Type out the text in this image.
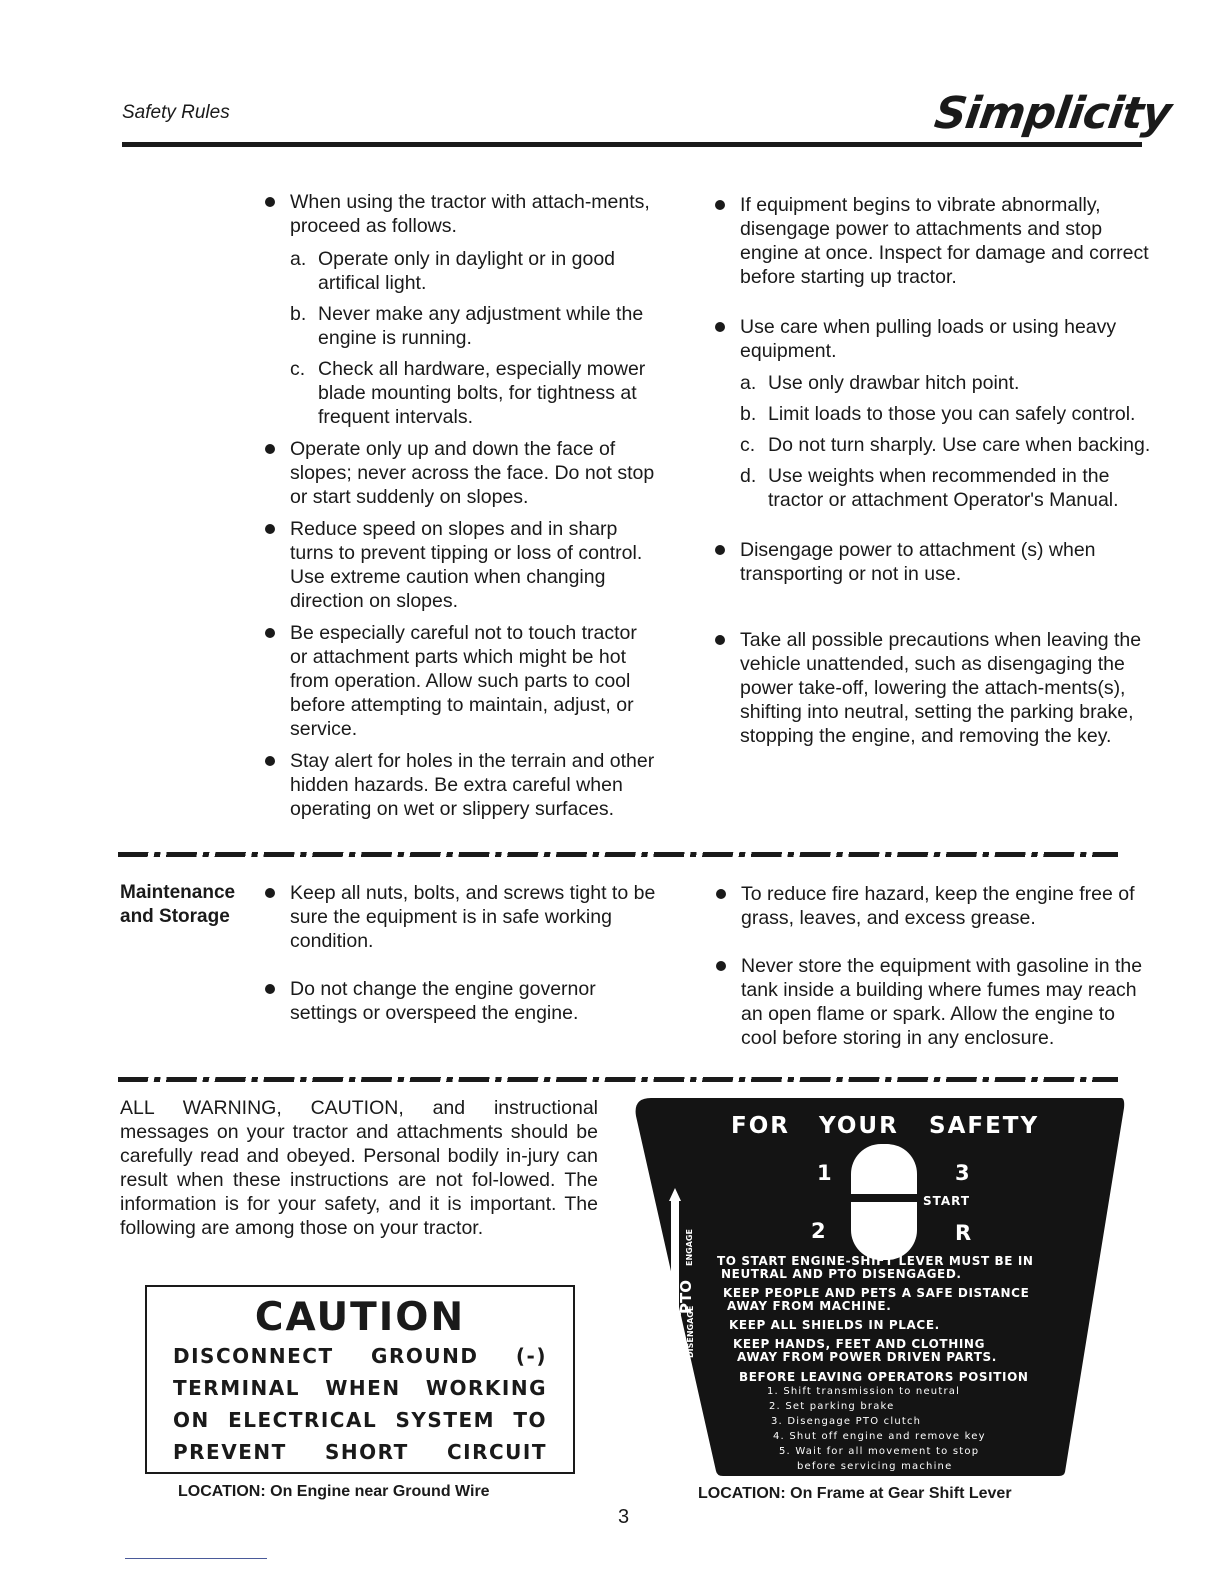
Safety Rules	Simplicity
When using the tractor with attach-ments, proceed as follows.
a. Operate only in daylight or in good artifical light.
b. Never make any adjustment while the engine is running.
c. Check all hardware, especially mower blade mounting bolts, for tightness at frequent intervals.
Operate only up and down the face of slopes; never across the face. Do not stop or start suddenly on slopes.
Reduce speed on slopes and in sharp turns to prevent tipping or loss of control. Use extreme caution when changing direction on slopes.
Be especially careful not to touch tractor or attachment parts which might be hot from operation. Allow such parts to cool before attempting to maintain, adjust, or service.
Stay alert for holes in the terrain and other hidden hazards. Be extra careful when operating on wet or slippery surfaces.
If equipment begins to vibrate abnormally, disengage power to attachments and stop engine at once. Inspect for damage and correct before starting up tractor.
Use care when pulling loads or using heavy equipment.
a. Use only drawbar hitch point.
b. Limit loads to those you can safely control.
c. Do not turn sharply. Use care when backing.
d. Use weights when recommended in the tractor or attachment Operator's Manual.
Disengage power to attachment (s) when transporting or not in use.
Take all possible precautions when leaving the vehicle unattended, such as disengaging the power take-off, lowering the attach-ments(s), shifting into neutral, setting the parking brake, stopping the engine, and removing the key.
Maintenance
and Storage
Keep all nuts, bolts, and screws tight to be sure the equipment is in safe working condition.
Do not change the engine governor settings or overspeed the engine.
To reduce fire hazard, keep the engine free of grass, leaves, and excess grease.
Never store the equipment with gasoline in the tank inside a building where fumes may reach an open flame or spark. Allow the engine to cool before storing in any enclosure.
ALL WARNING, CAUTION, and instructional messages on your tractor and attachments should be carefully read and obeyed. Personal bodily in-jury can result when these instructions are not fol-lowed. The information is for your safety, and it is important. The following are among those on your tractor.
CAUTION
DISCONNECT GROUND (-)
TERMINAL WHEN WORKING
ON ELECTRICAL SYSTEM TO
PREVENT SHORT CIRCUIT
LOCATION: On Engine near Ground Wire
FOR YOUR SAFETY
1
2
3
START
R
ENGAGE
PTO
CENTER DISENGAGE
TO START ENGINE-SHIFT LEVER MUST BE IN
NEUTRAL AND PTO DISENGAGED.
KEEP PEOPLE AND PETS A SAFE DISTANCE
AWAY FROM MACHINE.
KEEP ALL SHIELDS IN PLACE.
KEEP HANDS, FEET AND CLOTHING
AWAY FROM POWER DRIVEN PARTS.
BEFORE LEAVING OPERATORS POSITION
1. Shift transmission to neutral
2. Set parking brake
3. Disengage PTO clutch
4. Shut off engine and remove key
5. Wait for all movement to stop
before servicing machine
LOCATION: On Frame at Gear Shift Lever
3
